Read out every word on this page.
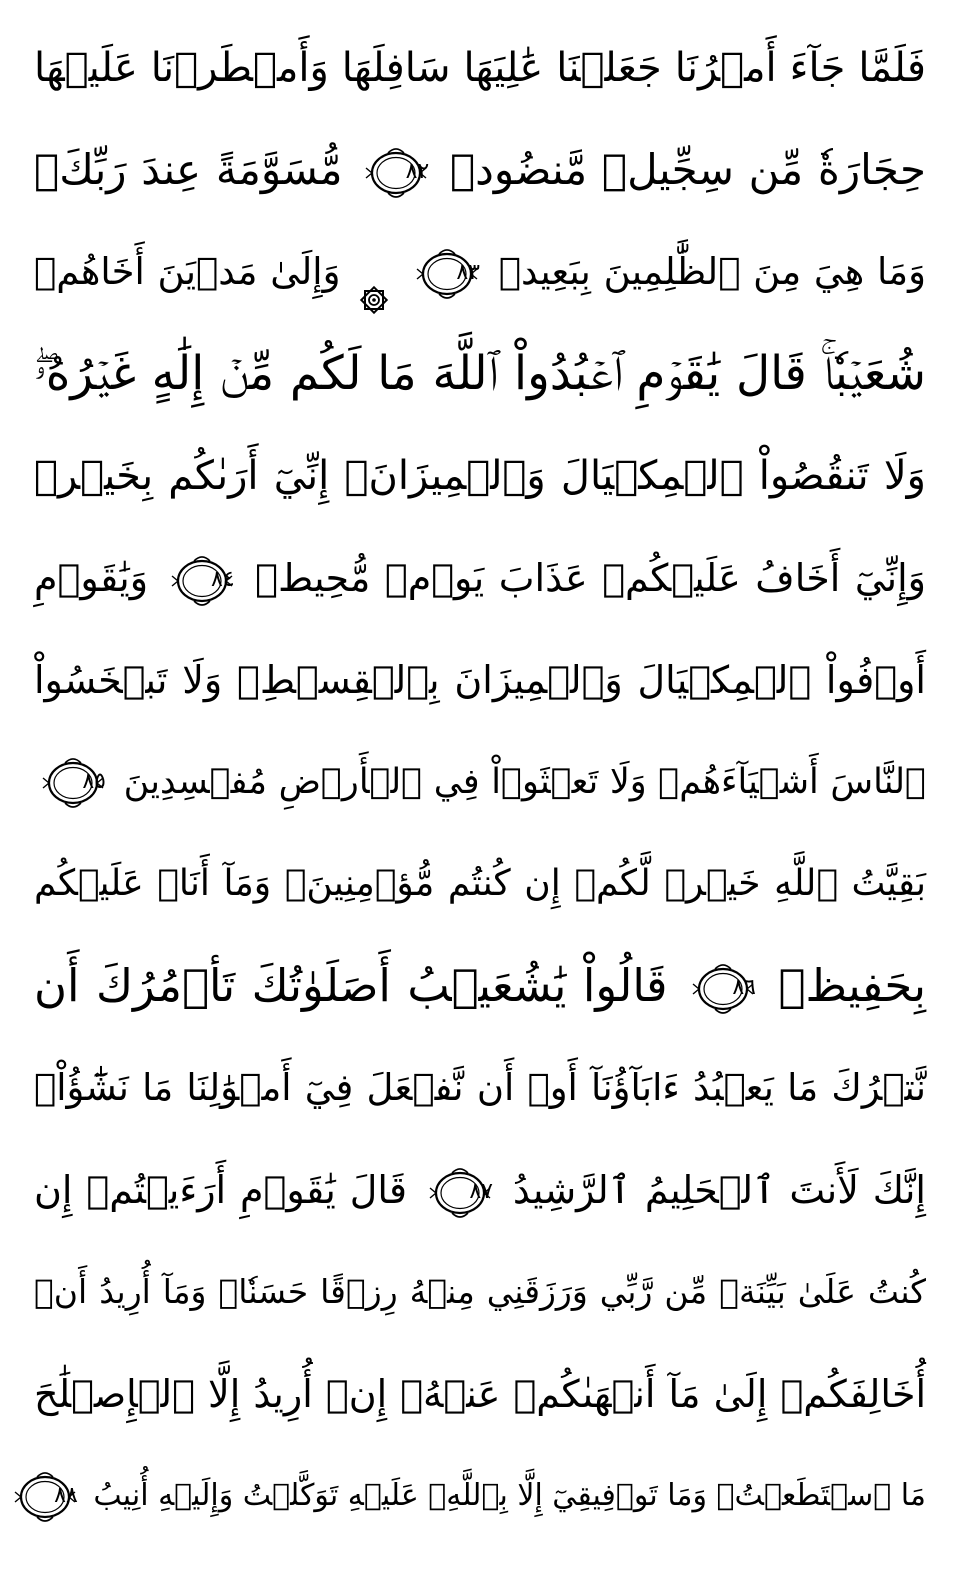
فَلَمَّا جَآءَ أَمۡرُنَا جَعَلۡنَا عَٰلِيَهَا سَافِلَهَا وَأَمۡطَرۡنَا عَلَيۡهَا
حِجَارَةٗ مِّن سِجِّيلٖ مَّنضُودٖ
٨٢
مُّسَوَّمَةً عِندَ رَبِّكَۖ
وَمَا هِيَ مِنَ ٱلظَّٰلِمِينَ بِبَعِيدٖ
٨٣
وَإِلَىٰ مَدۡيَنَ أَخَاهُمۡ
شُعَيۡبٗاۚ قَالَ يَٰقَوۡمِ ٱعۡبُدُواْ ٱللَّهَ مَا لَكُم مِّنۡ إِلَٰهٍ غَيۡرُهُۥۖ
وَلَا تَنقُصُواْ ٱلۡمِكۡيَالَ وَٱلۡمِيزَانَۖ إِنِّيٓ أَرَىٰكُم بِخَيۡرٖ
وَإِنِّيٓ أَخَافُ عَلَيۡكُمۡ عَذَابَ يَوۡمٖ مُّحِيطٖ
٨٤
وَيَٰقَوۡمِ
أَوۡفُواْ ٱلۡمِكۡيَالَ وَٱلۡمِيزَانَ بِٱلۡقِسۡطِۖ وَلَا تَبۡخَسُواْ
ٱلنَّاسَ أَشۡيَآءَهُمۡ وَلَا تَعۡثَوۡاْ فِي ٱلۡأَرۡضِ مُفۡسِدِينَ
٨٥
بَقِيَّتُ ٱللَّهِ خَيۡرٞ لَّكُمۡ إِن كُنتُم مُّؤۡمِنِينَۚ وَمَآ أَنَا۠ عَلَيۡكُم
بِحَفِيظٖ
٨٦
قَالُواْ يَٰشُعَيۡبُ أَصَلَوٰتُكَ تَأۡمُرُكَ أَن
نَّتۡرُكَ مَا يَعۡبُدُ ءَابَآؤُنَآ أَوۡ أَن نَّفۡعَلَ فِيٓ أَمۡوَٰلِنَا مَا نَشَٰٓؤُاْۖ
إِنَّكَ لَأَنتَ ٱلۡحَلِيمُ ٱلرَّشِيدُ
٨٧
قَالَ يَٰقَوۡمِ أَرَءَيۡتُمۡ إِن
كُنتُ عَلَىٰ بَيِّنَةٖ مِّن رَّبِّي وَرَزَقَنِي مِنۡهُ رِزۡقًا حَسَنٗاۚ وَمَآ أُرِيدُ أَنۡ
أُخَالِفَكُمۡ إِلَىٰ مَآ أَنۡهَىٰكُمۡ عَنۡهُۚ إِنۡ أُرِيدُ إِلَّا ٱلۡإِصۡلَٰحَ
مَا ٱسۡتَطَعۡتُۚ وَمَا تَوۡفِيقِيٓ إِلَّا بِٱللَّهِۚ عَلَيۡهِ تَوَكَّلۡتُ وَإِلَيۡهِ أُنِيبُ
٨٨
